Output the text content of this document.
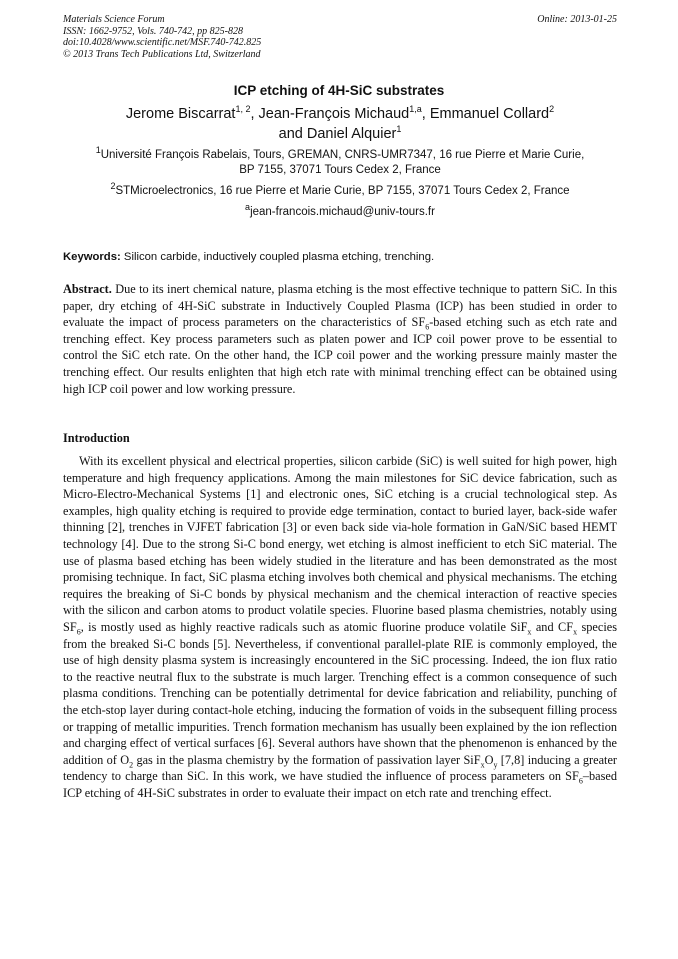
Materials Science Forum
ISSN: 1662-9752, Vols. 740-742, pp 825-828
doi:10.4028/www.scientific.net/MSF.740-742.825
© 2013 Trans Tech Publications Ltd, Switzerland
Online: 2013-01-25
ICP etching of 4H-SiC substrates
Jerome Biscarrat$^{1, 2}$, Jean-François Michaud$^{1,a}$, Emmanuel Collard$^2$
and Daniel Alquier$^1$
$^1$Université François Rabelais, Tours, GREMAN, CNRS-UMR7347, 16 rue Pierre et Marie Curie,
BP 7155, 37071 Tours Cedex 2, France
$^2$STMicroelectronics, 16 rue Pierre et Marie Curie, BP 7155, 37071 Tours Cedex 2, France
$^a$jean-francois.michaud@univ-tours.fr
Keywords: Silicon carbide, inductively coupled plasma etching, trenching.
Abstract. Due to its inert chemical nature, plasma etching is the most effective technique to pattern SiC. In this paper, dry etching of 4H-SiC substrate in Inductively Coupled Plasma (ICP) has been studied in order to evaluate the impact of process parameters on the characteristics of $SF_6$-based etching such as etch rate and trenching effect. Key process parameters such as platen power and ICP coil power prove to be essential to control the SiC etch rate. On the other hand, the ICP coil power and the working pressure mainly master the trenching effect. Our results enlighten that high etch rate with minimal trenching effect can be obtained using high ICP coil power and low working pressure.
Introduction
With its excellent physical and electrical properties, silicon carbide (SiC) is well suited for high power, high temperature and high frequency applications. Among the main milestones for SiC device fabrication, such as Micro-Electro-Mechanical Systems [1] and electronic ones, SiC etching is a crucial technological step. As examples, high quality etching is required to provide edge termination, contact to buried layer, back-side wafer thinning [2], trenches in VJFET fabrication [3] or even back side via-hole formation in GaN/SiC based HEMT technology [4]. Due to the strong Si-C bond energy, wet etching is almost inefficient to etch SiC material. The use of plasma based etching has been widely studied in the literature and has been demonstrated as the most promising technique. In fact, SiC plasma etching involves both chemical and physical mechanisms. The etching requires the breaking of Si-C bonds by physical mechanism and the chemical interaction of reactive species with the silicon and carbon atoms to product volatile species. Fluorine based plasma chemistries, notably using $SF_6$, is mostly used as highly reactive radicals such as atomic fluorine produce volatile SiF$_x$ and $CF_x$ species from the breaked Si-C bonds [5]. Nevertheless, if conventional parallel-plate RIE is commonly employed, the use of high density plasma system is increasingly encountered in the SiC processing. Indeed, the ion flux ratio to the reactive neutral flux to the substrate is much larger. Trenching effect is a common consequence of such plasma conditions. Trenching can be potentially detrimental for device fabrication and reliability, punching of the etch-stop layer during contact-hole etching, inducing the formation of voids in the subsequent filling process or trapping of metallic impurities. Trench formation mechanism has usually been explained by the ion reflection and charging effect of vertical surfaces [6]. Several authors have shown that the phenomenon is enhanced by the addition of $O_2$ gas in the plasma chemistry by the formation of passivation layer $SiF_xO_y$ [7,8] inducing a greater tendency to charge than SiC. In this work, we have studied the influence of process parameters on $SF_6$–based ICP etching of 4H-SiC substrates in order to evaluate their impact on etch rate and trenching effect.
